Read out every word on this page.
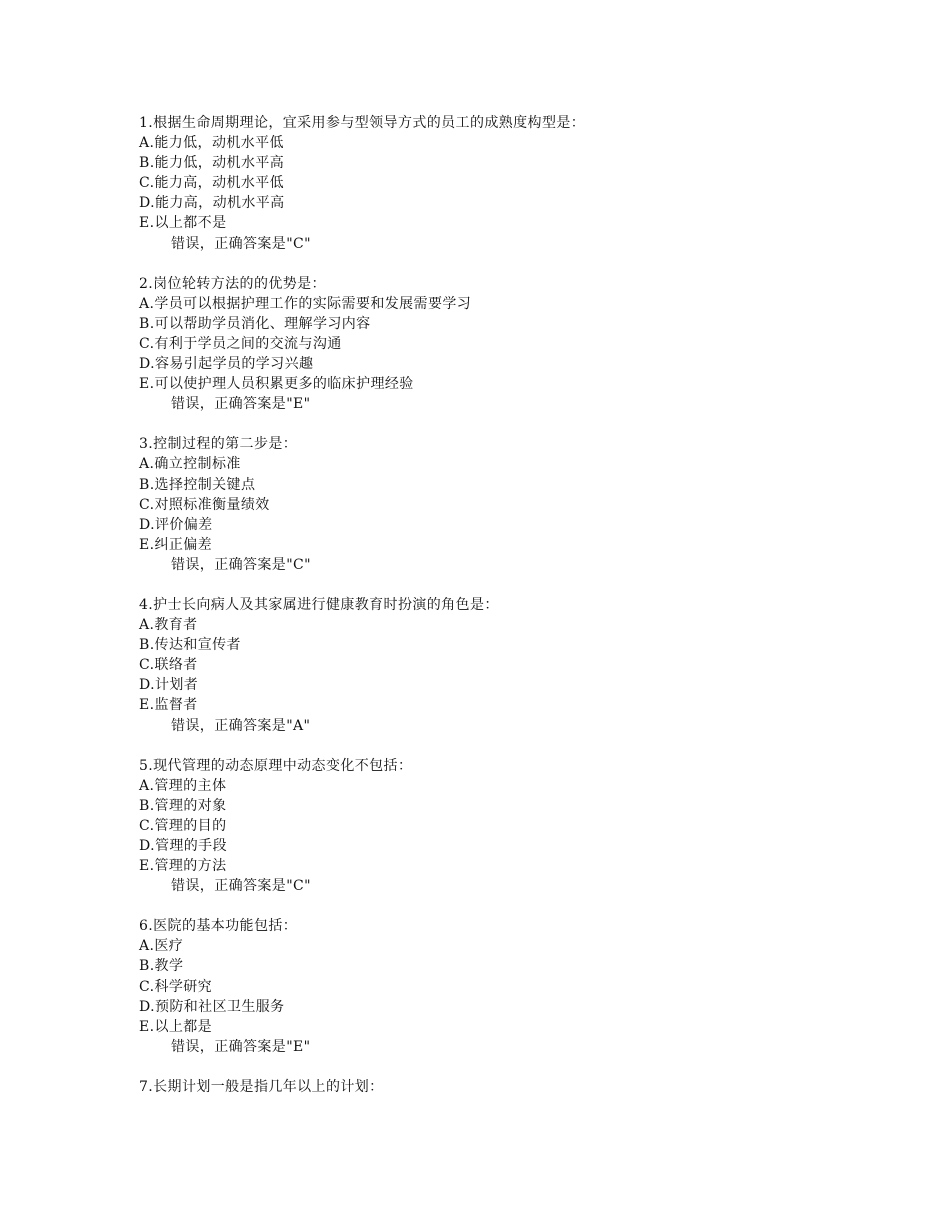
1.根据生命周期理论，宜采用参与型领导方式的员工的成熟度构型是：
A.能力低，动机水平低
B.能力低，动机水平高
C.能力高，动机水平低
D.能力高，动机水平高
E.以上都不是
错误，正确答案是"C"
2.岗位轮转方法的的优势是：
A.学员可以根据护理工作的实际需要和发展需要学习
B.可以帮助学员消化、理解学习内容
C.有利于学员之间的交流与沟通
D.容易引起学员的学习兴趣
E.可以使护理人员积累更多的临床护理经验
错误，正确答案是"E"
3.控制过程的第二步是：
A.确立控制标准
B.选择控制关键点
C.对照标准衡量绩效
D.评价偏差
E.纠正偏差
错误，正确答案是"C"
4.护士长向病人及其家属进行健康教育时扮演的角色是：
A.教育者
B.传达和宣传者
C.联络者
D.计划者
E.监督者
错误，正确答案是"A"
5.现代管理的动态原理中动态变化不包括：
A.管理的主体
B.管理的对象
C.管理的目的
D.管理的手段
E.管理的方法
错误，正确答案是"C"
6.医院的基本功能包括：
A.医疗
B.教学
C.科学研究
D.预防和社区卫生服务
E.以上都是
错误，正确答案是"E"
7.长期计划一般是指几年以上的计划：
